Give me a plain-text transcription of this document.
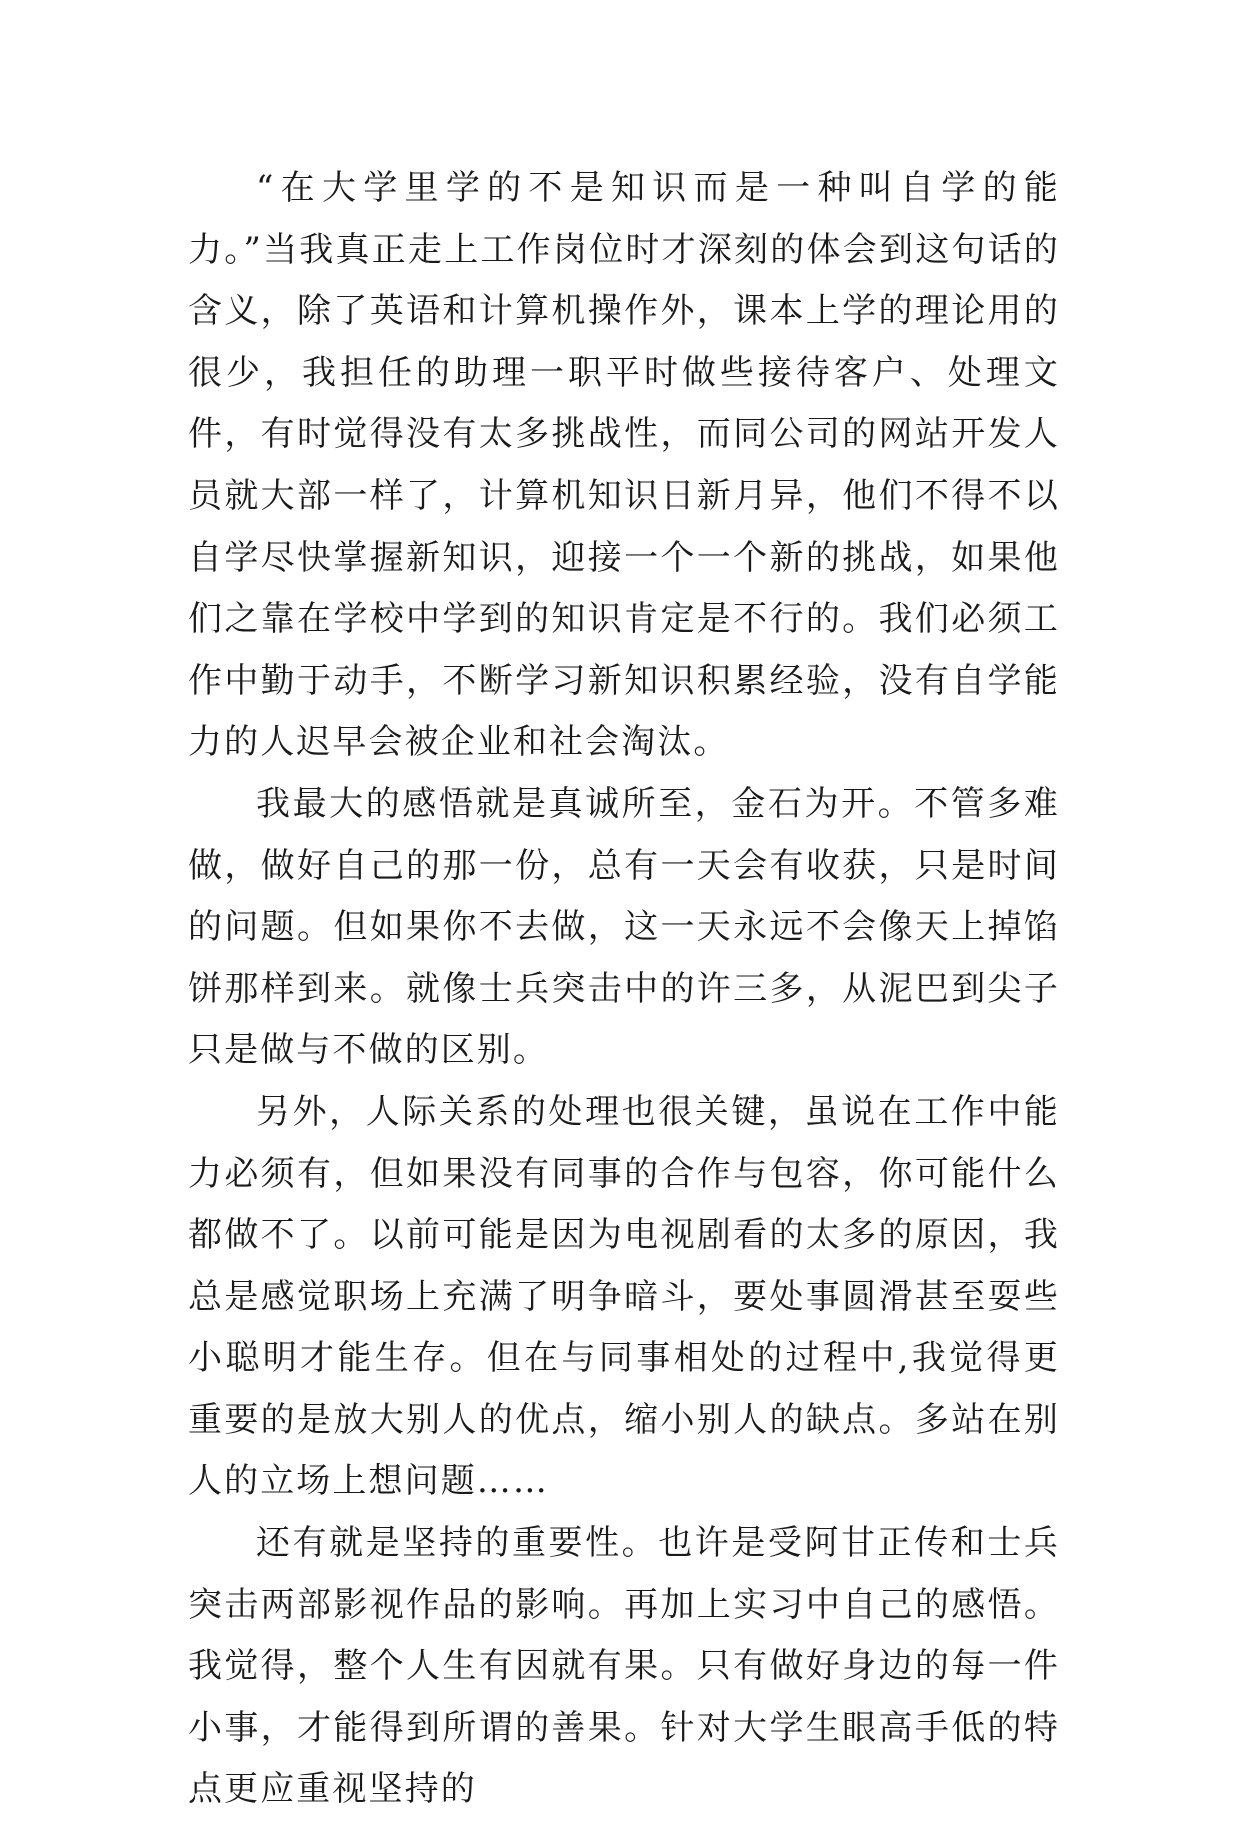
“在大学里学的不是知识而是一种叫自学的能力。”当我真正走上工作岗位时才深刻的体会到这句话的含义，除了英语和计算机操作外，课本上学的理论用的很少，我担任的助理一职平时做些接待客户、处理文件，有时觉得没有太多挑战性，而同公司的网站开发人员就大部一样了，计算机知识日新月异，他们不得不以自学尽快掌握新知识，迎接一个一个新的挑战，如果他们之靠在学校中学到的知识肯定是不行的。我们必须工作中勤于动手，不断学习新知识积累经验，没有自学能力的人迟早会被企业和社会淘汰。

我最大的感悟就是真诚所至，金石为开。不管多难做，做好自己的那一份，总有一天会有收获，只是时间的问题。但如果你不去做，这一天永远不会像天上掉馅饼那样到来。就像士兵突击中的许三多，从泥巴到尖子只是做与不做的区别。

另外，人际关系的处理也很关键，虽说在工作中能力必须有，但如果没有同事的合作与包容，你可能什么都做不了。以前可能是因为电视剧看的太多的原因，我总是感觉职场上充满了明争暗斗，要处事圆滑甚至耍些小聪明才能生存。但在与同事相处的过程中,我觉得更重要的是放大别人的优点，缩小别人的缺点。多站在别人的立场上想问题……

还有就是坚持的重要性。也许是受阿甘正传和士兵突击两部影视作品的影响。再加上实习中自己的感悟。我觉得，整个人生有因就有果。只有做好身边的每一件小事，才能得到所谓的善果。针对大学生眼高手低的特点更应重视坚持的
